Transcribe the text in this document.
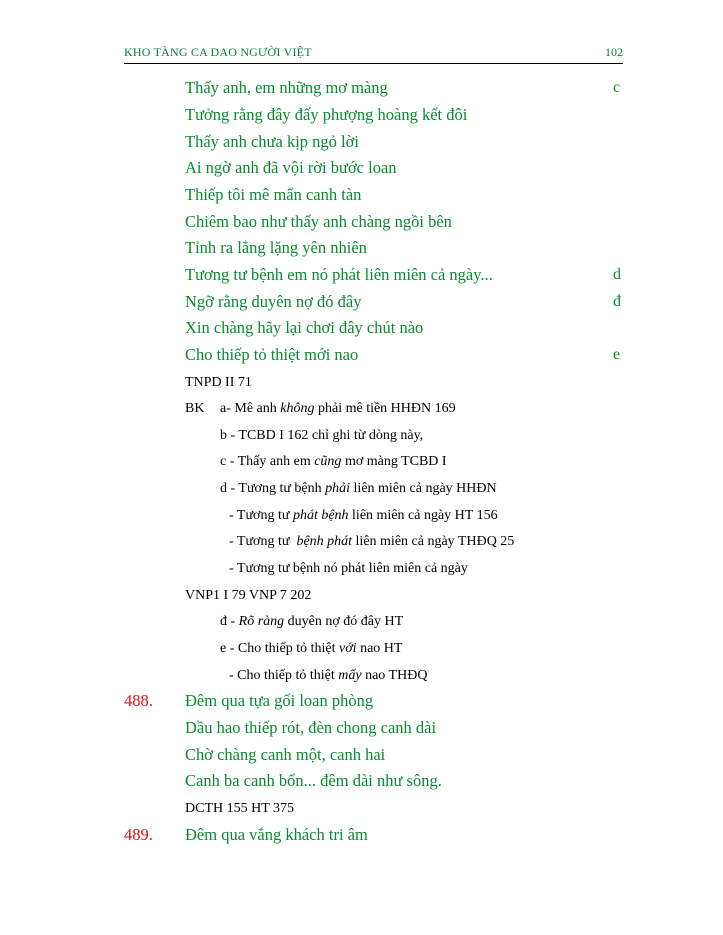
KHO TÀNG CA DAO NGƯỜI VIỆT	102
Thấy anh, em những mơ màng	c
Tưởng rằng đây đấy phượng hoàng kết đôi
Thấy anh chưa kịp ngỏ lời
Ai ngờ anh đã vội rời bước loan
Thiếp tôi mê mẩn canh tàn
Chiêm bao như thấy anh chàng ngồi bên
Tỉnh ra lẳng lặng yên nhiên
Tương tư bệnh em nó phát liên miên cả ngày...	d
Ngỡ rằng duyên nợ đó đây	đ
Xin chàng hãy lại chơi đây chút nào
Cho thiếp tỏ thiệt mới nao	e
TNPD II 71
BK a- Mê anh không phải mê tiền HHĐN 169
b - TCBD I 162 chỉ ghi từ dòng này,
c - Thấy anh em cũng mơ màng TCBD I
d - Tương tư bệnh phải liên miên cả ngày HHĐN
- Tương tư phát bệnh liên miên cả ngày HT 156
- Tương tư  bệnh phát liên miên cả ngày THĐQ 25
- Tương tư bệnh nó phát liên miên cả ngày
VNP1 I 79 VNP 7 202
đ - Rõ ràng duyên nợ đó đây HT
e - Cho thiếp tỏ thiệt với nao HT
- Cho thiếp tỏ thiệt mấy nao THĐQ
488. Đêm qua tựa gối loan phòng
Dầu hao thiếp rót, đèn chong canh dài
Chờ chàng canh một, canh hai
Canh ba canh bốn... đêm dài như sông.
DCTH 155 HT 375
489. Đêm qua vắng khách tri âm
